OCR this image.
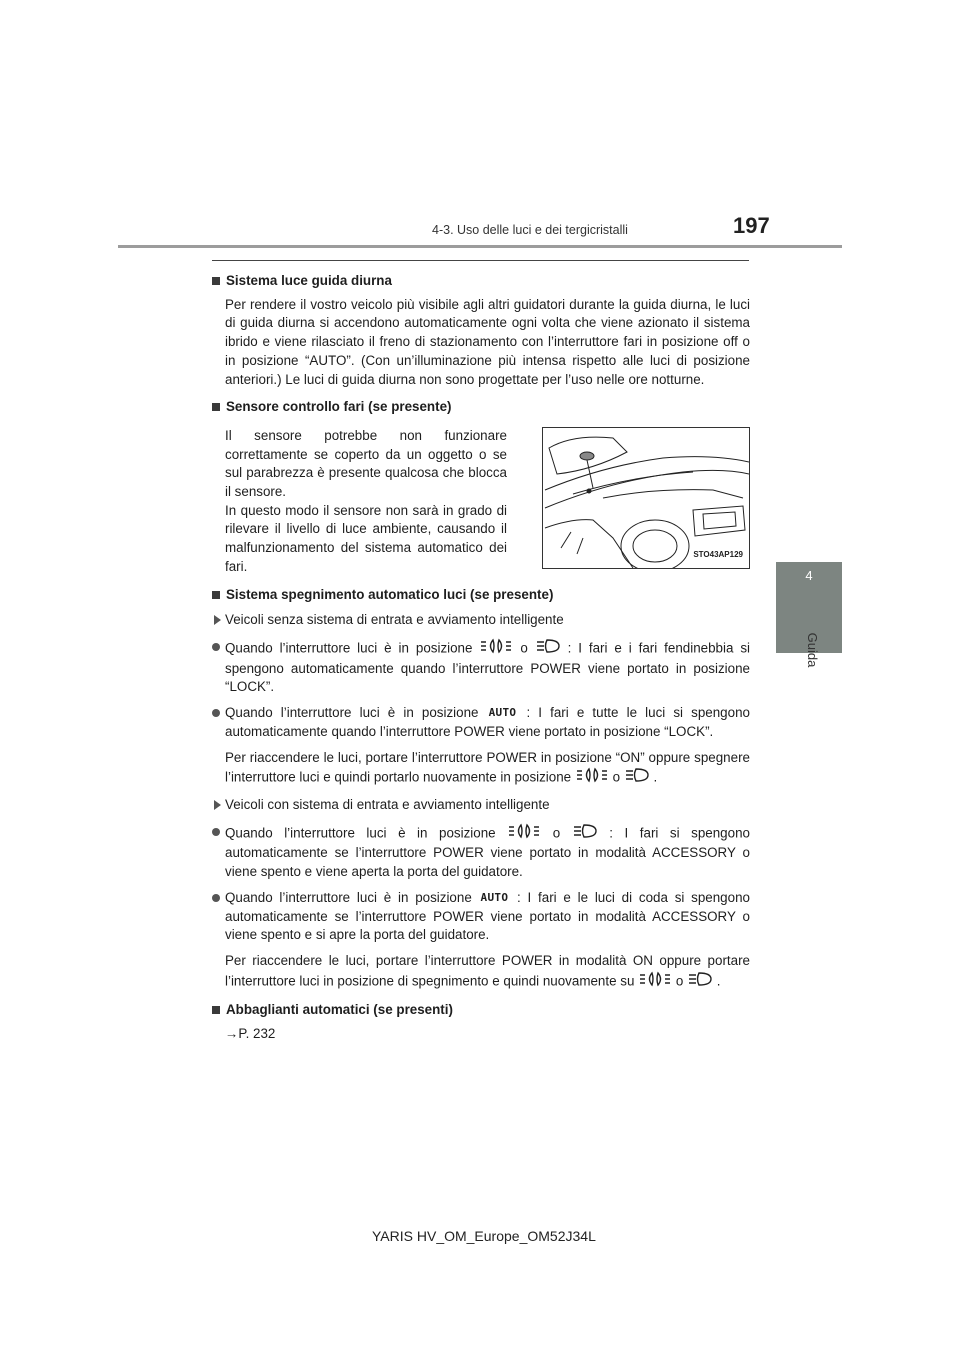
4-3. Uso delle luci e dei tergicristalli	197
4
Guida

Sistema luce guida diurna

Per rendere il vostro veicolo più visibile agli altri guidatori durante la guida diurna, le luci di guida diurna si accendono automaticamente ogni volta che viene azionato il sistema ibrido e viene rilasciato il freno di stazionamento con l’interruttore fari in posizione off o in posizione “AUTO”. (Con un’illuminazione più intensa rispetto alle luci di posizione anteriori.) Le luci di guida diurna non sono progettate per l’uso nelle ore notturne.

Sensore controllo fari (se presente)

Il sensore potrebbe non funzionare correttamente se coperto da un oggetto o se sul parabrezza è presente qualcosa che blocca il sensore.
In questo modo il sensore non sarà in grado di rilevare il livello di luce ambiente, causando il malfunzionamento del sistema automatico dei fari.

STO43AP129

Sistema spegnimento automatico luci (se presente)

Veicoli senza sistema di entrata e avviamento intelligente
Quando l’interruttore luci è in posizione	o	: I fari e i fari fendinebbia si spengono automaticamente quando l’interruttore POWER viene portato in posizione “LOCK”.
Quando l’interruttore luci è in posizione AUTO : I fari e tutte le luci si spengono automaticamente quando l’interruttore POWER viene portato in posizione “LOCK”.

Per riaccendere le luci, portare l’interruttore POWER in posizione “ON” oppure spegnere l’interruttore luci e quindi portarlo nuovamente in posizione	o .

Veicoli con sistema di entrata e avviamento intelligente
Quando l’interruttore luci è in posizione	o	: I fari si spengono automaticamente se l’interruttore POWER viene portato in modalità ACCESSORY o viene spento e viene aperta la porta del guidatore.
Quando l’interruttore luci è in posizione AUTO : I fari e le luci di coda si spengono automaticamente se l’interruttore POWER viene portato in modalità ACCESSORY o viene spento e si apre la porta del guidatore.

Per riaccendere le luci, portare l’interruttore POWER in modalità ON oppure portare l’interruttore luci in posizione di spegnimento e quindi nuovamente su	o .

Abbaglianti automatici (se presenti)

→P. 232

YARIS HV_OM_Europe_OM52J34L
